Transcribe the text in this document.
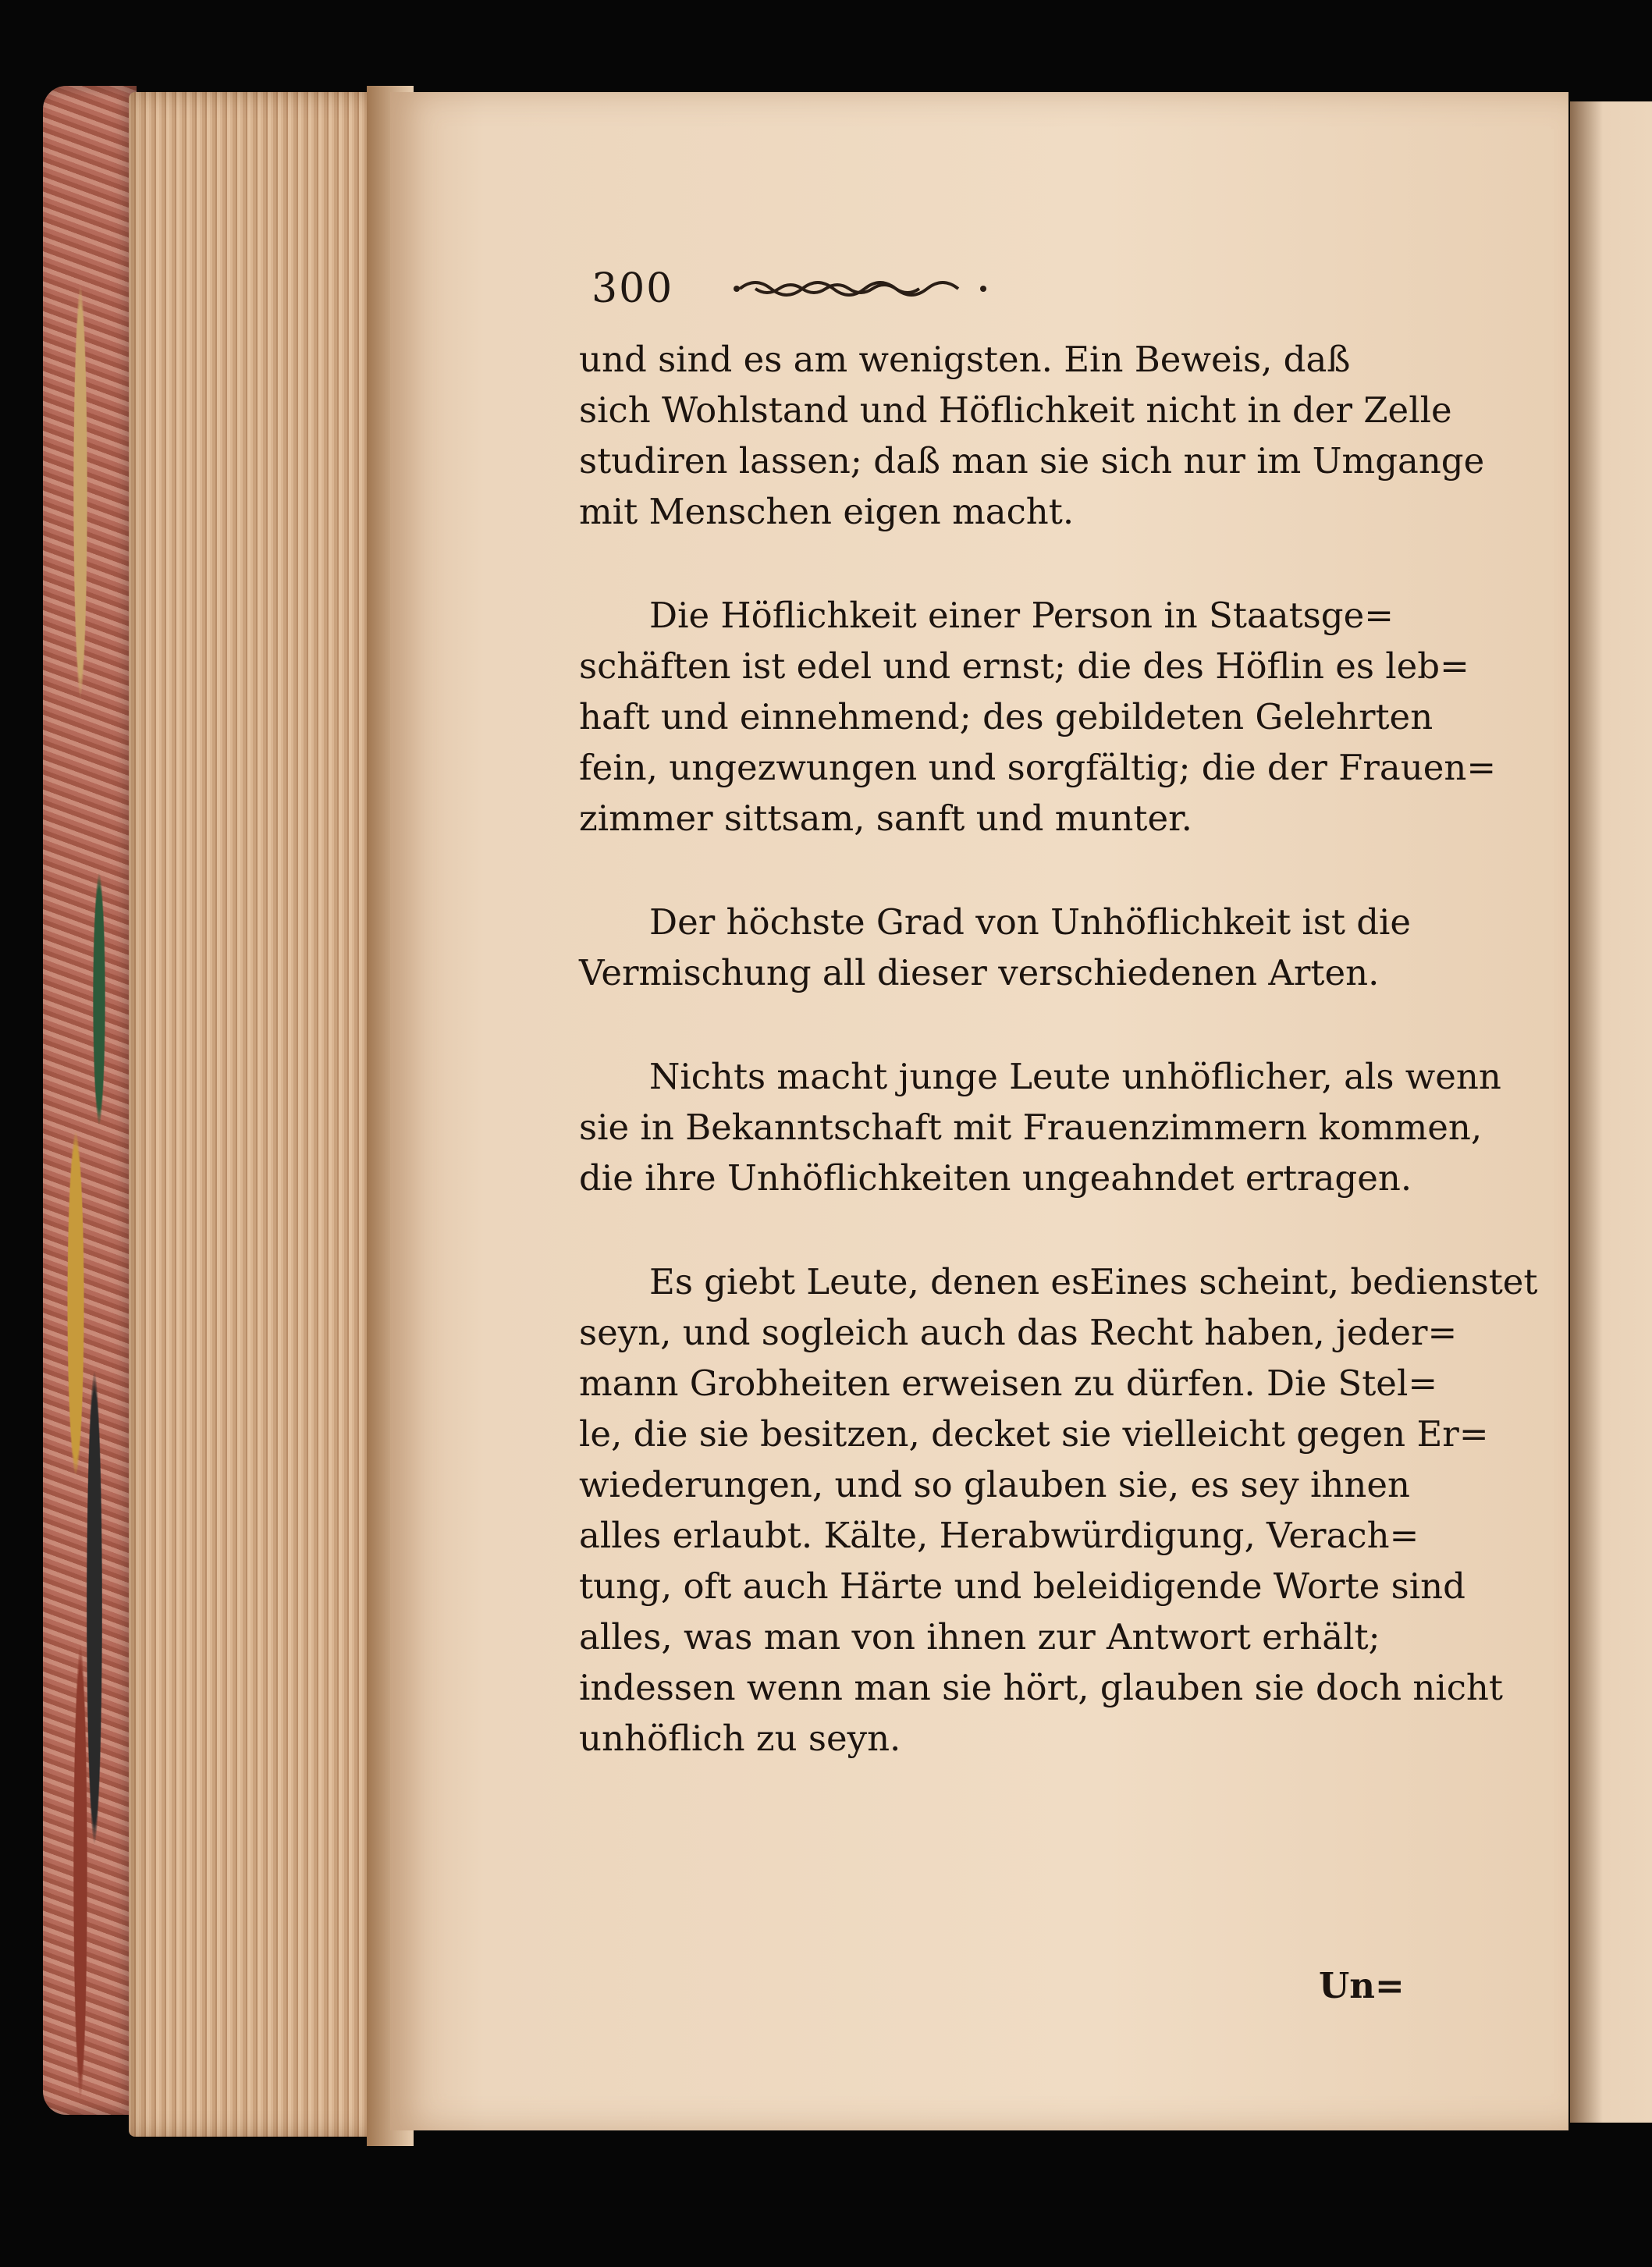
300

und sind es am wenigsten. Ein Beweis, daß
sich Wohlstand und Höflichkeit nicht in der Zelle
studiren lassen; daß man sie sich nur im Umgange
mit Menschen eigen macht.

Die Höflichkeit einer Person in Staatsge=
schäften ist edel und ernst; die des Höflin es leb=
haft und einnehmend; des gebildeten Gelehrten
fein, ungezwungen und sorgfältig; die der Frauen=
zimmer sittsam, sanft und munter.

Der höchste Grad von Unhöflichkeit ist die
Vermischung all dieser verschiedenen Arten.

Nichts macht junge Leute unhöflicher, als wenn
sie in Bekanntschaft mit Frauenzimmern kommen,
die ihre Unhöflichkeiten ungeahndet ertragen.

Es giebt Leute, denen esEines scheint, bedienstet
seyn, und sogleich auch das Recht haben, jeder=
mann Grobheiten erweisen zu dürfen. Die Stel=
le, die sie besitzen, decket sie vielleicht gegen Er=
wiederungen, und so glauben sie, es sey ihnen
alles erlaubt. Kälte, Herabwürdigung, Verach=
tung, oft auch Härte und beleidigende Worte sind
alles, was man von ihnen zur Antwort erhält;
indessen wenn man sie hört, glauben sie doch nicht
unhöflich zu seyn.

Un=
